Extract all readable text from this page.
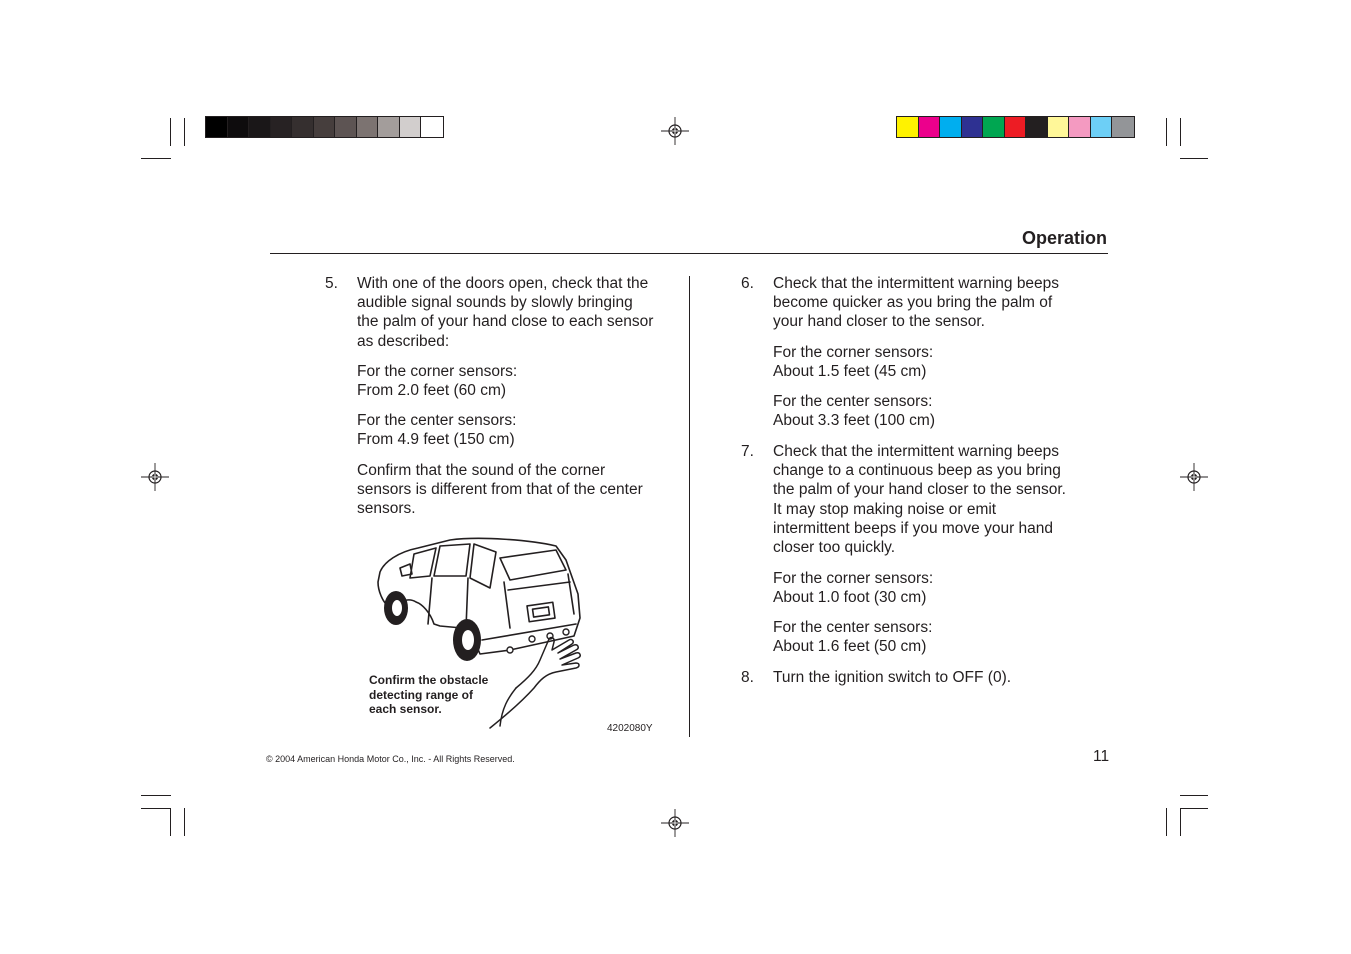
Operation
5. With one of the doors open, check that the
audible signal sounds by slowly bringing
the palm of your hand close to each sensor
as described:
For the corner sensors:
From 2.0 feet (60 cm)
For the center sensors:
From 4.9 feet (150 cm)
Confirm that the sound of the corner
sensors is different from that of the center
sensors.
Confirm the obstacle
detecting range of
each sensor.
4202080Y
6. Check that the intermittent warning beeps
become quicker as you bring the palm of
your hand closer to the sensor.
For the corner sensors:
About 1.5 feet (45 cm)
For the center sensors:
About 3.3 feet (100 cm)
7. Check that the intermittent warning beeps
change to a continuous beep as you bring
the palm of your hand closer to the sensor.
It may stop making noise or emit
intermittent beeps if you move your hand
closer too quickly.
For the corner sensors:
About 1.0 foot (30 cm)
For the center sensors:
About 1.6 feet (50 cm)
8. Turn the ignition switch to OFF (0).
© 2004 American Honda Motor Co., Inc. - All Rights Reserved.	11
